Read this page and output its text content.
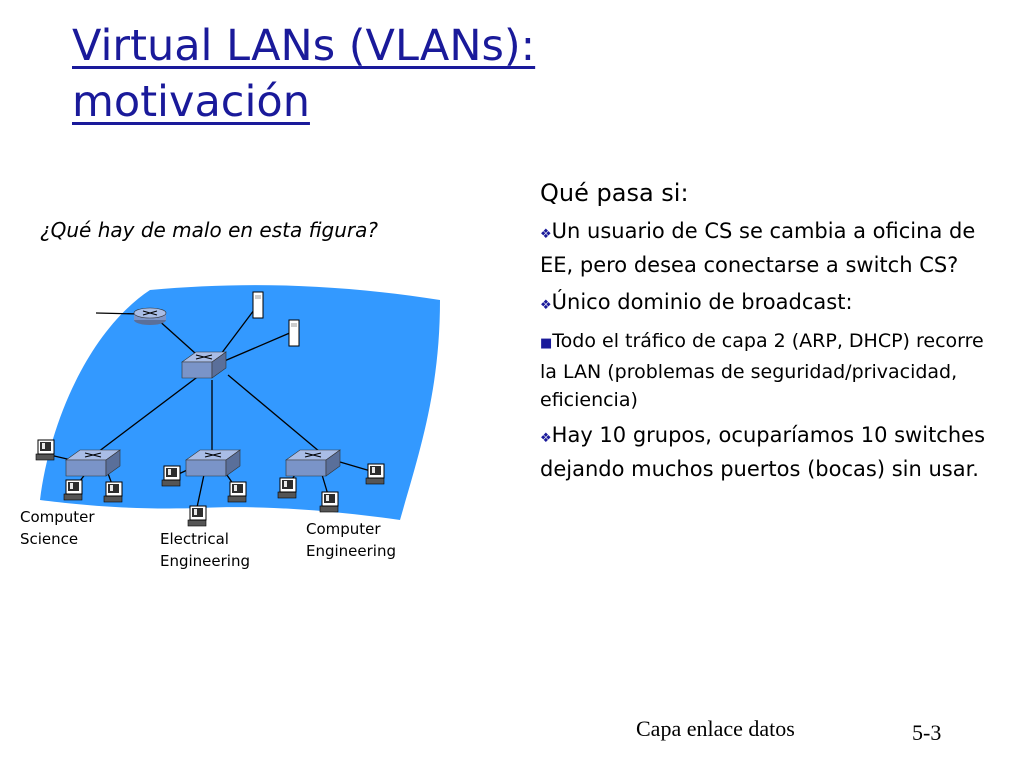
Virtual LANs (VLANs):
motivación
¿Qué hay de malo en esta figura?
Computer
Science	Electrical
Engineering
Computer
Engineering
Qué pasa si:
❖Un usuario de CS se cambia a oficina de EE, pero desea conectarse a switch CS?
❖Único dominio de broadcast:
■Todo el tráfico de capa 2 (ARP, DHCP) recorre la LAN (problemas de seguridad/privacidad, eficiencia)
❖Hay 10 grupos, ocuparíamos 10 switches dejando muchos puertos (bocas) sin usar.
Capa enlace datos	5-3
